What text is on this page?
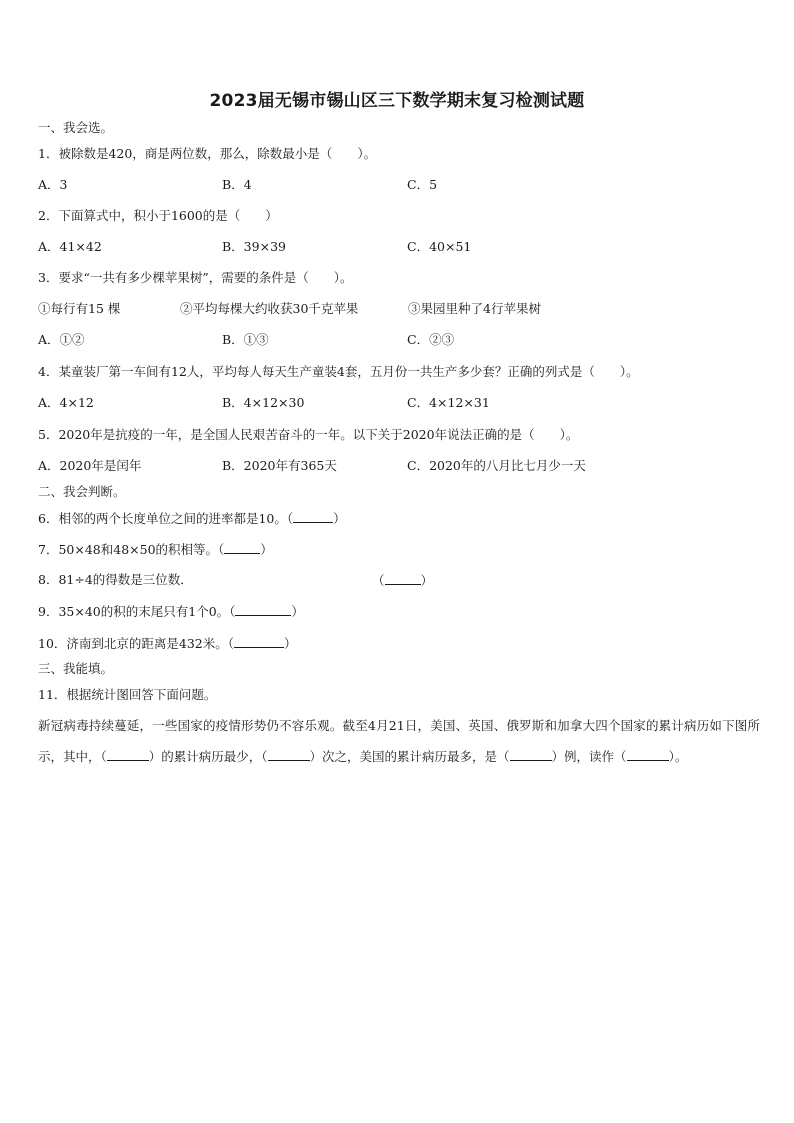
2023届无锡市锡山区三下数学期末复习检测试题
一、我会选。
1．被除数是420，商是两位数，那么，除数最小是（　　）。
A．3	B．4	C．5
2．下面算式中，积小于1600的是（　　）
A．41×42	B．39×39	C．40×51
3．要求“一共有多少棵苹果树”，需要的条件是（　　）。
①每行有15 棵	②平均每棵大约收获30千克苹果	③果园里种了4行苹果树
A．①②	B．①③	C．②③
4．某童装厂第一车间有12人，平均每人每天生产童装4套，五月份一共生产多少套？正确的列式是（　　）。
A．4×12	B．4×12×30	C．4×12×31
5．2020年是抗疫的一年，是全国人民艰苦奋斗的一年。以下关于2020年说法正确的是（　　）。
A．2020年是闰年	B．2020年有365天	C．2020年的八月比七月少一天
二、我会判断。
6．相邻的两个长度单位之间的进率都是10。（	）
7．50×48和48×50的积相等。（	）
8．81÷4的得数是三位数．	（	）
9．35×40的积的末尾只有1个0。（	）
10．济南到北京的距离是432米。（	）
三、我能填。
11．根据统计图回答下面问题。
新冠病毒持续蔓延，一些国家的疫情形势仍不容乐观。截至4月21日，美国、英国、俄罗斯和加拿大四个国家的累计病历如下图所示，其中，（	）的累计病历最少，（	）次之，美国的累计病历最多，是（	）例，读作（	）。
